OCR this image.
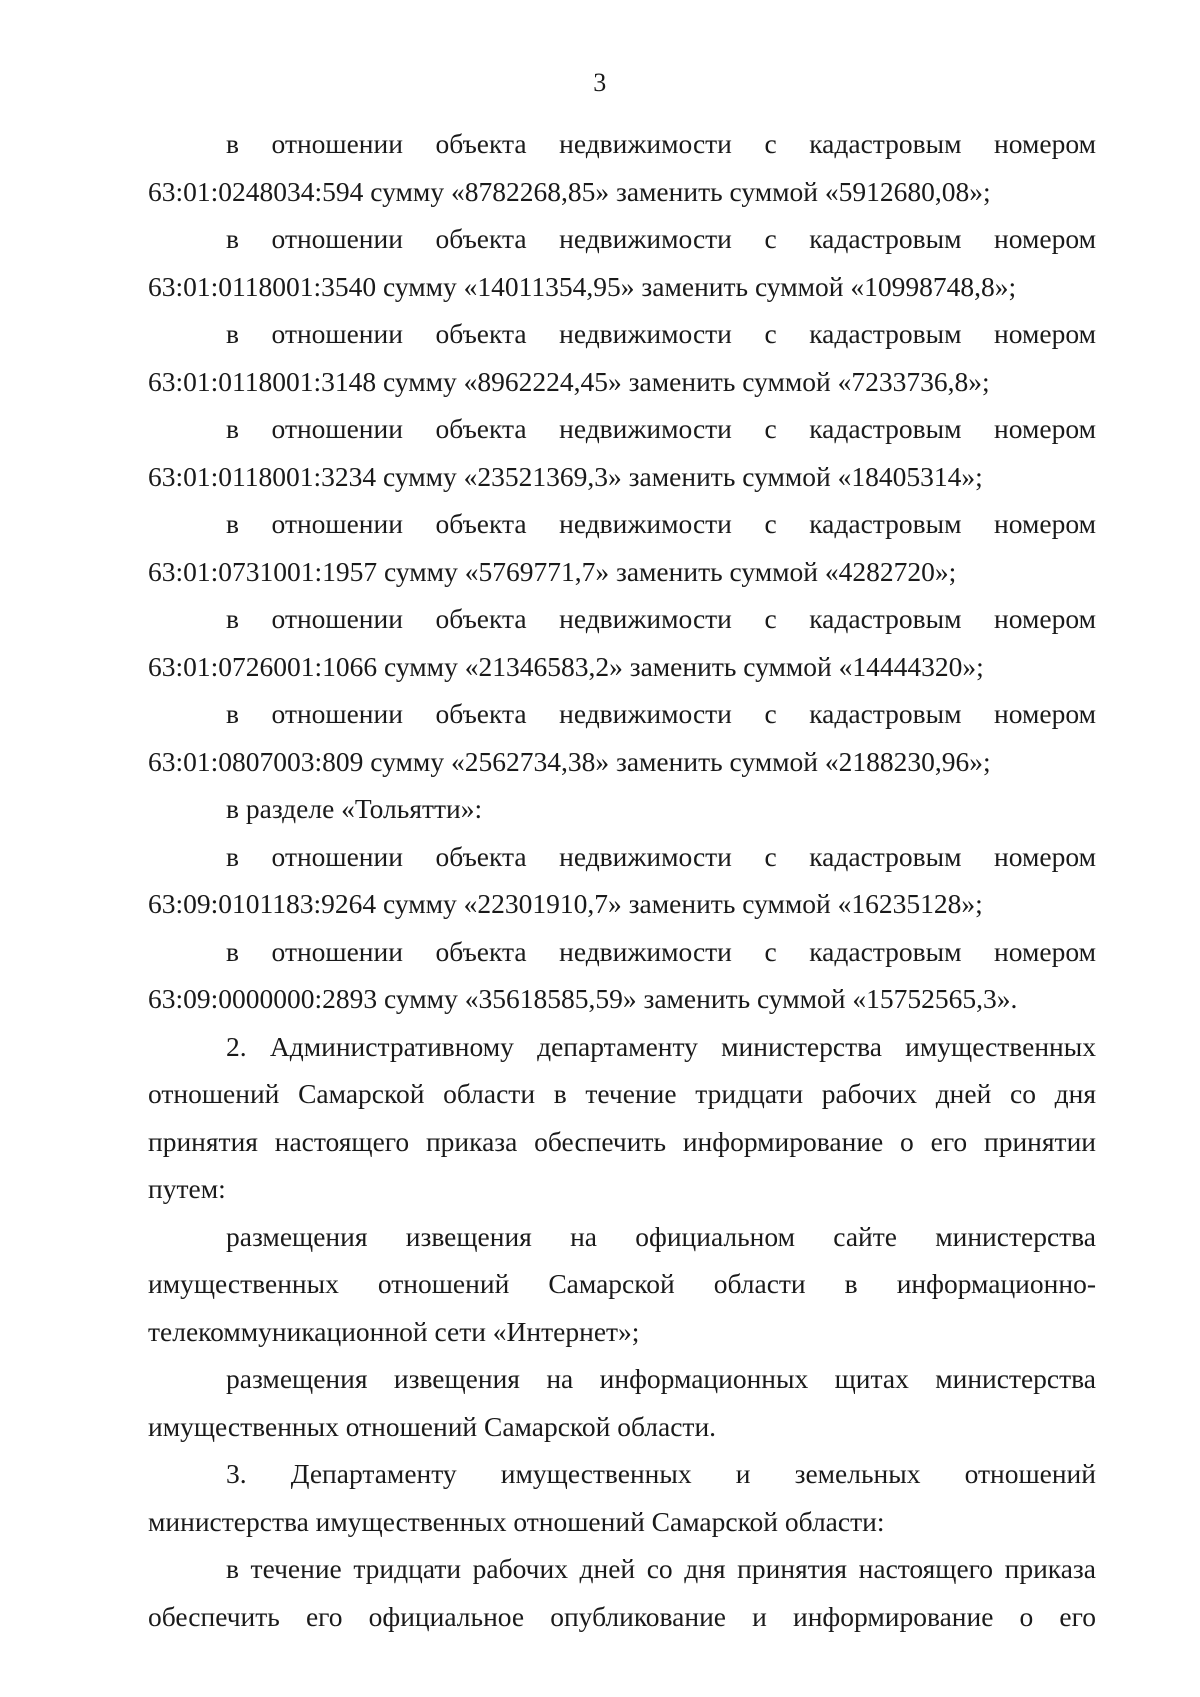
3

в отношении объекта недвижимости с кадастровым номером

63:01:0248034:594 сумму «8782268,85» заменить суммой «5912680,08»;

в отношении объекта недвижимости с кадастровым номером

63:01:0118001:3540 сумму «14011354,95» заменить суммой «10998748,8»;

в отношении объекта недвижимости с кадастровым номером

63:01:0118001:3148 сумму «8962224,45» заменить суммой «7233736,8»;

в отношении объекта недвижимости с кадастровым номером

63:01:0118001:3234 сумму «23521369,3» заменить суммой «18405314»;

в отношении объекта недвижимости с кадастровым номером

63:01:0731001:1957 сумму «5769771,7» заменить суммой «4282720»;

в отношении объекта недвижимости с кадастровым номером

63:01:0726001:1066 сумму «21346583,2» заменить суммой «14444320»;

в отношении объекта недвижимости с кадастровым номером

63:01:0807003:809 сумму «2562734,38» заменить суммой «2188230,96»;

в разделе «Тольятти»:

в отношении объекта недвижимости с кадастровым номером

63:09:0101183:9264 сумму «22301910,7» заменить суммой «16235128»;

в отношении объекта недвижимости с кадастровым номером

63:09:0000000:2893 сумму «35618585,59» заменить суммой «15752565,3».

2. Административному департаменту министерства имущественных

отношений Самарской области в течение тридцати рабочих дней со дня

принятия настоящего приказа обеспечить информирование о его принятии

путем:

размещения извещения на официальном сайте министерства

имущественных отношений Самарской области в информационно-

телекоммуникационной сети «Интернет»;

размещения извещения на информационных щитах министерства

имущественных отношений Самарской области.

3. Департаменту имущественных и земельных отношений

министерства имущественных отношений Самарской области:

в течение тридцати рабочих дней со дня принятия настоящего приказа

обеспечить его официальное опубликование и информирование о его
